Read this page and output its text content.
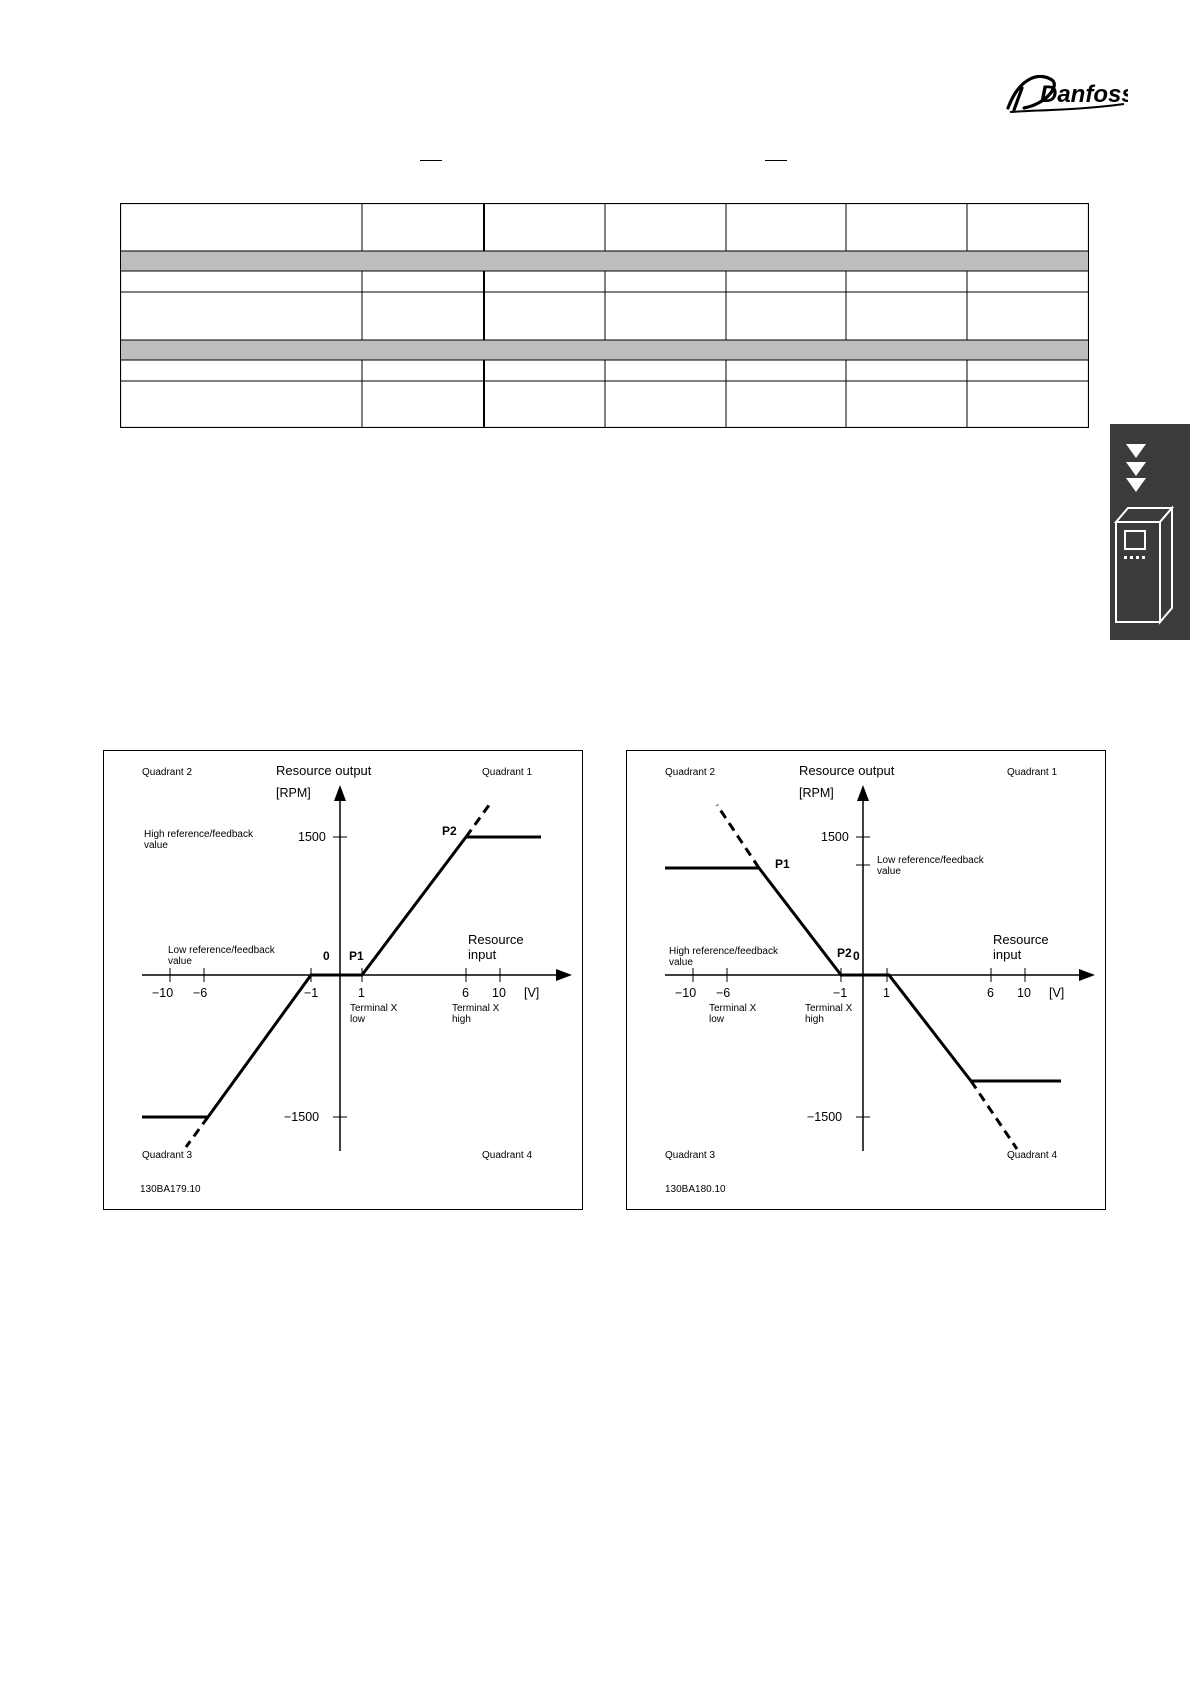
Danfoss
Quadrant 2	Quadrant 1
Quadrant 3	Quadrant 4
Resource output
[RPM]
1500
−1500
−10 −6	−1	1	6 10 [V]
Resource
input
0 P1
P2
High reference/feedback
value
Low reference/feedback
value
Terminal X
low
Terminal X
high
130BA179.10
Quadrant 2	Quadrant 1
Quadrant 3	Quadrant 4
Resource output
[RPM]
1500
−1500
−10 −6	−1	1	6 10 [V]
Resource
input
0
P2
P1	Low reference/feedback
value
High reference/feedback
value
Terminal X
low
Terminal X
high
130BA180.10
